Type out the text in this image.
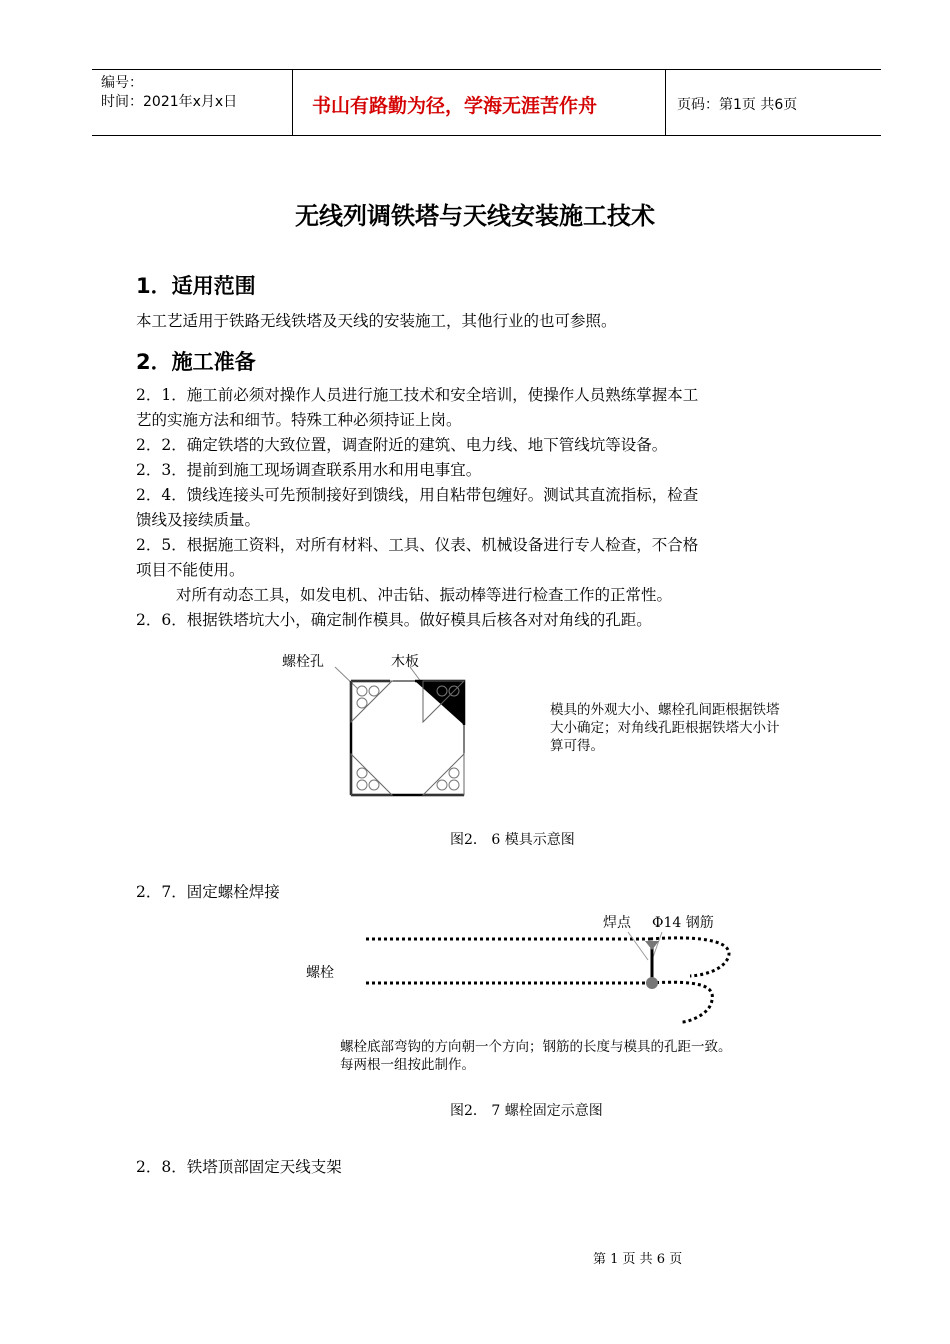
编号：
时间：2021年x月x日	书山有路勤为径，学海无涯苦作舟	页码：第1页 共6页
无线列调铁塔与天线安装施工技术
1．适用范围
本工艺适用于铁路无线铁塔及天线的安装施工，其他行业的也可参照。
2．施工准备
2．1．施工前必须对操作人员进行施工技术和安全培训，使操作人员熟练掌握本工
艺的实施方法和细节。特殊工种必须持证上岗。
2．2．确定铁塔的大致位置，调查附近的建筑、电力线、地下管线坑等设备。
2．3．提前到施工现场调查联系用水和用电事宜。
2．4．馈线连接头可先预制接好到馈线，用自粘带包缠好。测试其直流指标，检查
馈线及接续质量。
2．5．根据施工资料，对所有材料、工具、仪表、机械设备进行专人检查，不合格
项目不能使用。
对所有动态工具，如发电机、冲击钻、振动棒等进行检查工作的正常性。
2．6．根据铁塔坑大小，确定制作模具。做好模具后核各对对角线的孔距。
螺栓孔	木板
模具的外观大小、螺栓孔间距根据铁塔
大小确定；对角线孔距根据铁塔大小计
算可得。
图2． 6 模具示意图
2．7．固定螺栓焊接
焊点 Φ14 钢筋
螺栓
螺栓底部弯钩的方向朝一个方向；钢筋的长度与模具的孔距一致。
每两根一组按此制作。
图2． 7 螺栓固定示意图
2．8．铁塔顶部固定天线支架
第 1 页 共 6 页
